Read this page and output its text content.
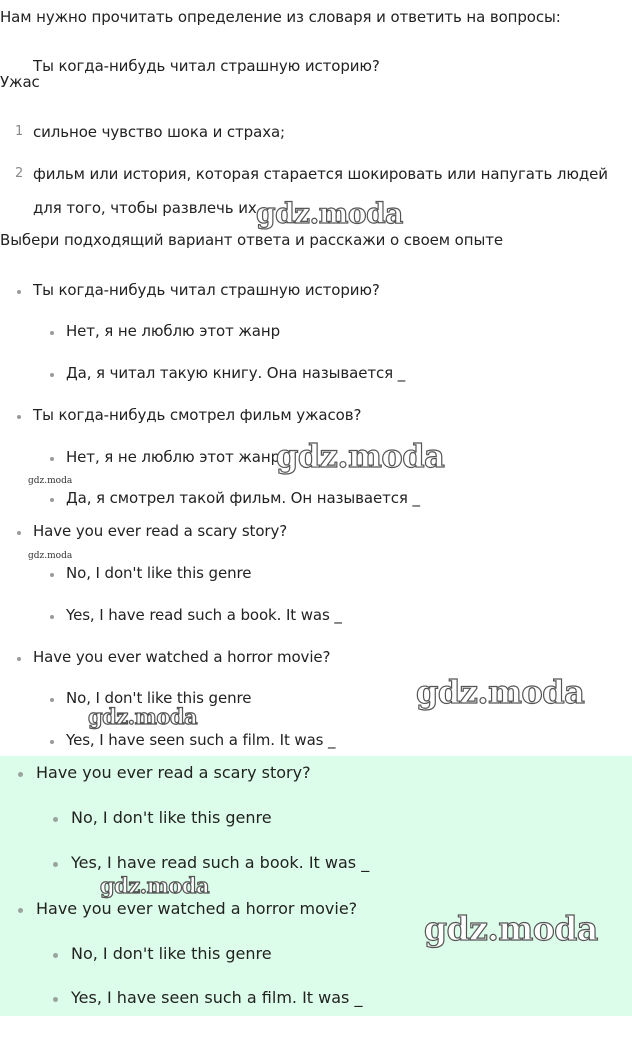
Нам нужно прочитать определение из словаря и ответить на вопросы:
Ты когда-нибудь читал страшную историю?
Ужас
1 сильное чувство шока и страха;
2 фильм или история, которая старается шокировать или напугать людей
для того, чтобы развлечь их
Выбери подходящий вариант ответа и расскажи о своем опыте
Ты когда-нибудь читал страшную историю?
Нет, я не люблю этот жанр
Да, я читал такую книгу. Она называется _
Ты когда-нибудь смотрел фильм ужасов?
Нет, я не люблю этот жанр
Да, я смотрел такой фильм. Он называется _
Have you ever read a scary story?
No, I don't like this genre
Yes, I have read such a book. It was _
Have you ever watched a horror movie?
No, I don't like this genre
Yes, I have seen such a film. It was _
Have you ever read a scary story?
No, I don't like this genre
Yes, I have read such a book. It was _
Have you ever watched a horror movie?
No, I don't like this genre
Yes, I have seen such a film. It was _
gdz.moda
gdz.moda
gdz.moda
gdz.moda
gdz.moda
gdz.moda
gdz.moda
gdz.moda
